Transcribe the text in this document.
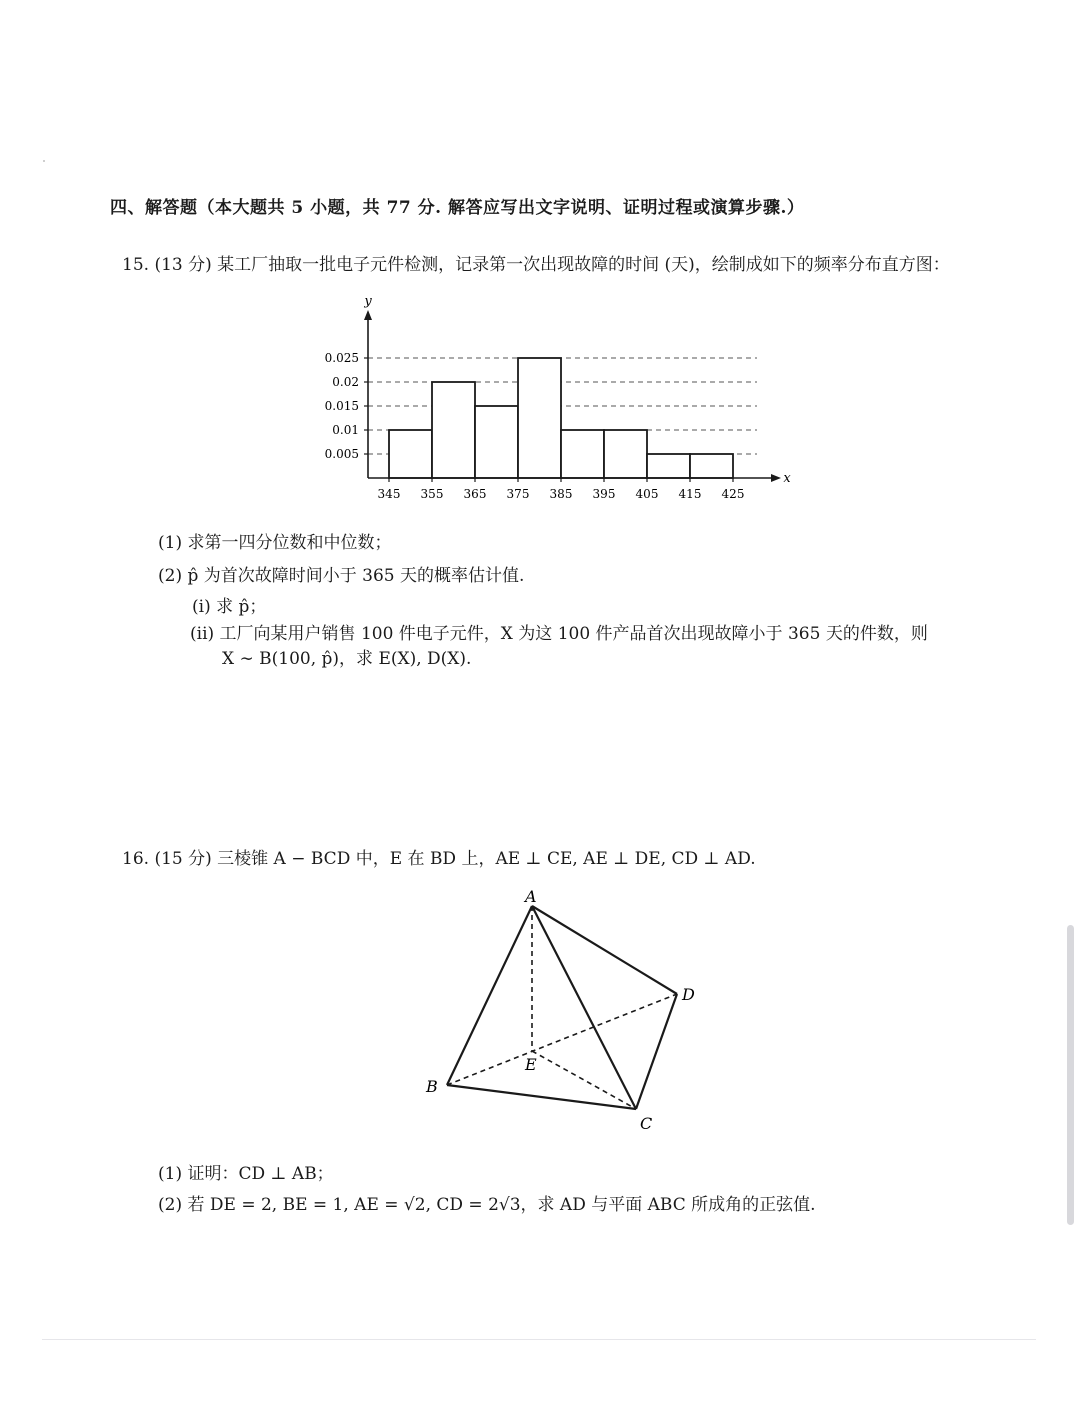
四、解答题（本大题共 5 小题，共 77 分. 解答应写出文字说明、证明过程或演算步骤.）
15. (13 分) 某工厂抽取一批电子元件检测，记录第一次出现故障的时间 (天)，绘制成如下的频率分布直方图：
0.005
0.01
0.015
0.02
0.025
345 355 365 375 385 395 405 415 425
y
x
(1) 求第一四分位数和中位数；
(2) p̂ 为首次故障时间小于 365 天的概率估计值.
(i) 求 p̂；
(ii) 工厂向某用户销售 100 件电子元件，X 为这 100 件产品首次出现故障小于 365 天的件数，则
X ∼ B(100, p̂)，求 E(X), D(X).
16. (15 分) 三棱锥 A − BCD 中，E 在 BD 上，AE ⊥ CE, AE ⊥ DE, CD ⊥ AD.
A
B
C
D
E
(1) 证明：CD ⊥ AB；
(2) 若 DE = 2, BE = 1, AE = √2, CD = 2√3，求 AD 与平面 ABC 所成角的正弦值.
